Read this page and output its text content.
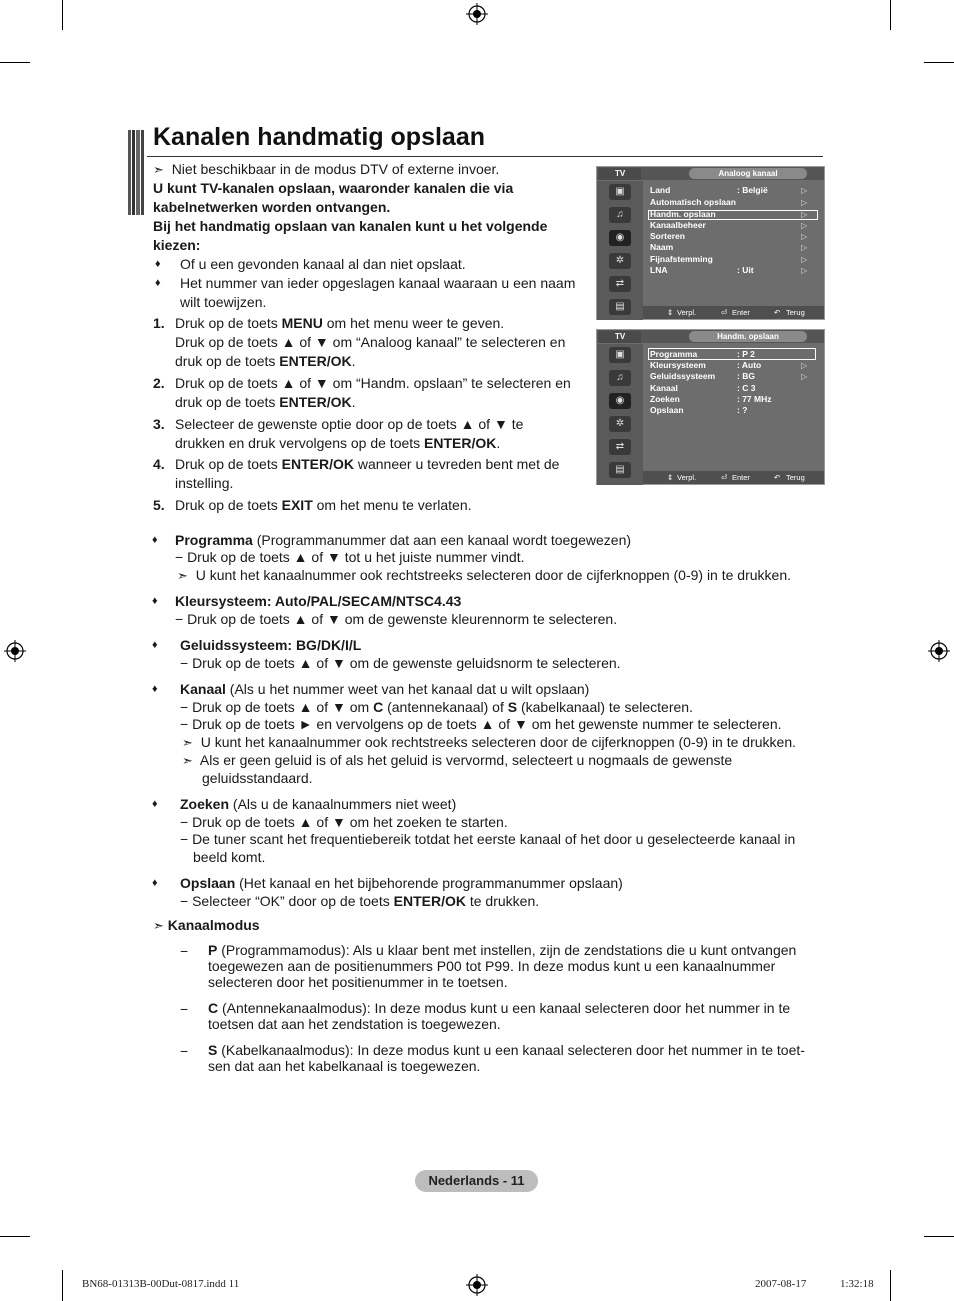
Kanalen handmatig opslaan
➣ Niet beschikbaar in de modus DTV of externe invoer.
U kunt TV-kanalen opslaan, waaronder kanalen die via
kabelnetwerken worden ontvangen.
Bij het handmatig opslaan van kanalen kunt u het volgende
kiezen:
♦ Of u een gevonden kanaal al dan niet opslaat.
♦ Het nummer van ieder opgeslagen kanaal waaraan u een naam
wilt toewijzen.
1. Druk op de toets MENU om het menu weer te geven.
Druk op de toets ▲ of ▼ om “Analoog kanaal” te selecteren en
druk op de toets ENTER/OK.
2. Druk op de toets ▲ of ▼ om “Handm. opslaan” te selecteren en
druk op de toets ENTER/OK.
3. Selecteer de gewenste optie door op de toets ▲ of ▼ te
drukken en druk vervolgens op de toets ENTER/OK.
4. Druk op de toets ENTER/OK wanneer u tevreden bent met de
instelling.
5. Druk op de toets EXIT om het menu te verlaten.
TV	Analoog kanaal
▣
♫
◉
✲
⇄
▤
Land	: België	▷
Automatisch opslaan	▷
Handm. opslaan	▷
Kanaalbeheer	▷
Sorteren	▷
Naam	▷
Fijnafstemming	▷
LNA	: Uit	▷
⇕ Verpl.	⏎ Enter	↶ Terug
TV	Handm. opslaan
▣
♫
◉
✲
⇄
▤
Programma	: P 2
Kleursysteem	: Auto	▷
Geluidssysteem	: BG	▷
Kanaal	: C 3
Zoeken	: 77 MHz
Opslaan	: ?
⇕ Verpl.	⏎ Enter	↶ Terug
♦ Programma (Programmanummer dat aan een kanaal wordt toegewezen)
− Druk op de toets ▲ of ▼ tot u het juiste nummer vindt.
➣ U kunt het kanaalnummer ook rechtstreeks selecteren door de cijferknoppen (0-9) in te drukken.
♦ Kleursysteem: Auto/PAL/SECAM/NTSC4.43
− Druk op de toets ▲ of ▼ om de gewenste kleurennorm te selecteren.
♦ Geluidssysteem: BG/DK/I/L
− Druk op de toets ▲ of ▼ om de gewenste geluidsnorm te selecteren.
♦ Kanaal (Als u het nummer weet van het kanaal dat u wilt opslaan)
− Druk op de toets ▲ of ▼ om C (antennekanaal) of S (kabelkanaal) te selecteren.
− Druk op de toets ► en vervolgens op de toets ▲ of ▼ om het gewenste nummer te selecteren.
➣ U kunt het kanaalnummer ook rechtstreeks selecteren door de cijferknoppen (0-9) in te drukken.
➣ Als er geen geluid is of als het geluid is vervormd, selecteert u nogmaals de gewenste
geluidsstandaard.
♦ Zoeken (Als u de kanaalnummers niet weet)
− Druk op de toets ▲ of ▼ om het zoeken te starten.
− De tuner scant het frequentiebereik totdat het eerste kanaal of het door u geselecteerde kanaal in
beeld komt.
♦ Opslaan (Het kanaal en het bijbehorende programmanummer opslaan)
− Selecteer “OK” door op de toets ENTER/OK te drukken.
➣ Kanaalmodus
− P (Programmamodus): Als u klaar bent met instellen, zijn de zendstations die u kunt ontvangen
toegewezen aan de positienummers P00 tot P99. In deze modus kunt u een kanaalnummer
selecteren door het positienummer in te toetsen.
− C (Antennekanaalmodus): In deze modus kunt u een kanaal selecteren door het nummer in te
toetsen dat aan het zendstation is toegewezen.
− S (Kabelkanaalmodus): In deze modus kunt u een kanaal selecteren door het nummer in te toet-
sen dat aan het kabelkanaal is toegewezen.
Nederlands - 11
BN68-01313B-00Dut-0817.indd 11	2007-08-17	1:32:18
